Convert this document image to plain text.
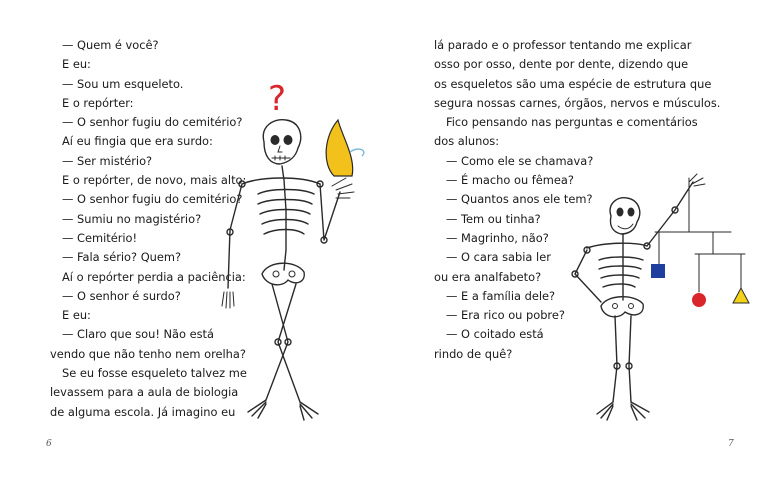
— Quem é você?

E eu:

— Sou um esqueleto.

E o repórter:

— O senhor fugiu do cemitério?

Aí eu fingia que era surdo:

— Ser mistério?

E o repórter, de novo, mais alto:

— O senhor fugiu do cemitério?

— Sumiu no magistério?

— Cemitério!

— Fala sério? Quem?

Aí o repórter perdia a paciência:

— O senhor é surdo?

E eu:

— Claro que sou! Não está

vendo que não tenho nem orelha?

Se eu fosse esqueleto talvez me

levassem para a aula de biologia

de alguma escola. Já imagino eu

?
6

lá parado e o professor tentando me explicar

osso por osso, dente por dente, dizendo que

os esqueletos são uma espécie de estrutura que

segura nossas carnes, órgãos, nervos e músculos.

Fico pensando nas perguntas e comentários

dos alunos:

— Como ele se chamava?

— É macho ou fêmea?

— Quantos anos ele tem?

— Tem ou tinha?

— Magrinho, não?

— O cara sabia ler

ou era analfabeto?

— E a família dele?

— Era rico ou pobre?

— O coitado está

rindo de quê?

7
